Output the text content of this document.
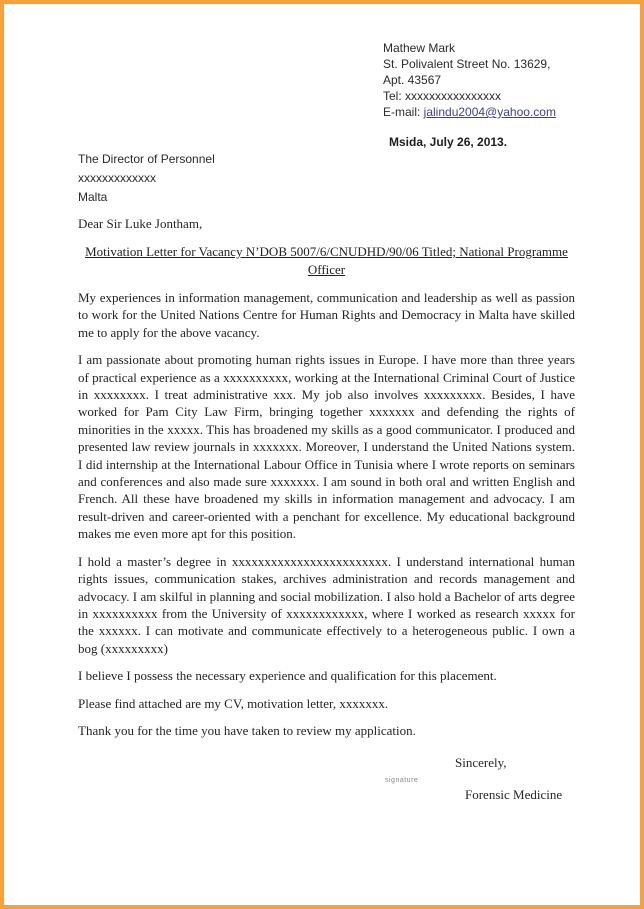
Mathew Mark
St. Polivalent Street No. 13629,
Apt. 43567
Tel: xxxxxxxxxxxxxxxx
E-mail: jalindu2004@yahoo.com
Msida, July 26, 2013.
The Director of Personnel
xxxxxxxxxxxxx
Malta
Dear Sir Luke Jontham,
Motivation Letter for Vacancy N’DOB 5007/6/CNUDHD/90/06 Titled; National Programme Officer

My experiences in information management, communication and leadership as well as passion to work for the United Nations Centre for Human Rights and Democracy in Malta have skilled me to apply for the above vacancy.

I am passionate about promoting human rights issues in Europe. I have more than three years of practical experience as a xxxxxxxxxx, working at the International Criminal Court of Justice in xxxxxxxx. I treat administrative xxx. My job also involves xxxxxxxxx. Besides, I have worked for Pam City Law Firm, bringing together xxxxxxx and defending the rights of minorities in the xxxxx. This has broadened my skills as a good communicator. I produced and presented law review journals in xxxxxxx. Moreover, I understand the United Nations system. I did internship at the International Labour Office in Tunisia where I wrote reports on seminars and conferences and also made sure xxxxxxx. I am sound in both oral and written English and French. All these have broadened my skills in information management and advocacy. I am result-driven and career-oriented with a penchant for excellence. My educational background makes me even more apt for this position.

I hold a master’s degree in xxxxxxxxxxxxxxxxxxxxxxxx. I understand international human rights issues, communication stakes, archives administration and records management and advocacy. I am skilful in planning and social mobilization. I also hold a Bachelor of arts degree in xxxxxxxxxx from the University of xxxxxxxxxxxx, where I worked as research xxxxx for the xxxxxx. I can motivate and communicate effectively to a heterogeneous public. I own a bog (xxxxxxxxx)

I believe I possess the necessary experience and qualification for this placement.

Please find attached are my CV, motivation letter, xxxxxxx.

Thank you for the time you have taken to review my application.

Sincerely,
signature
Forensic Medicine
